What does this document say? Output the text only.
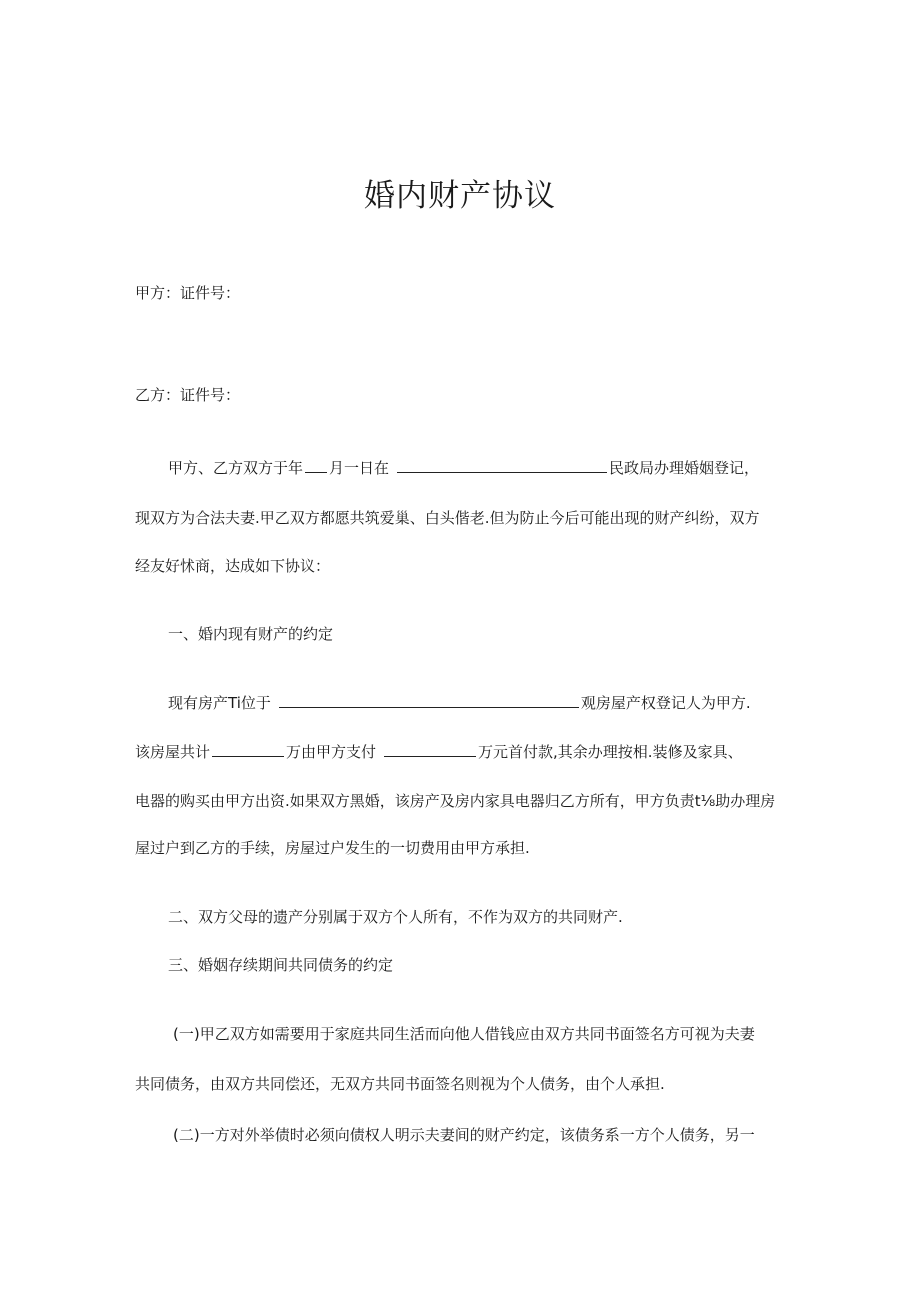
婚内财产协议
甲方：证件号：
乙方：证件号：
甲方、乙方双方于年 月一日在	民政局办理婚姻登记，
现双方为合法夫妻.甲乙双方都愿共筑爱巢、白头偕老.但为防止今后可能出现的财产纠纷，双方
经友好怵商，达成如下协议：
一、婚内现有财产的约定
现有房产Ti位于	观房屋产权登记人为甲方.
该房屋共计	万由甲方支付	万元首付款,其余办理按相.装修及家具、
电器的购买由甲方出资.如果双方黑婚，该房产及房内家具电器归乙方所有，甲方负责t⅛助办理房
屋过户到乙方的手续，房屋过户发生的一切费用由甲方承担.
二、双方父母的遗产分别属于双方个人所有，不作为双方的共同财产.
三、婚姻存续期间共同债务的约定
(一)甲乙双方如需要用于家庭共同生活而向他人借钱应由双方共同书面签名方可视为夫妻
共同债务，由双方共同偿还，无双方共同书面签名则视为个人债务，由个人承担.
(二)一方对外举债时必须向债权人明示夫妻间的财产约定，该债务系一方个人债务，另一
